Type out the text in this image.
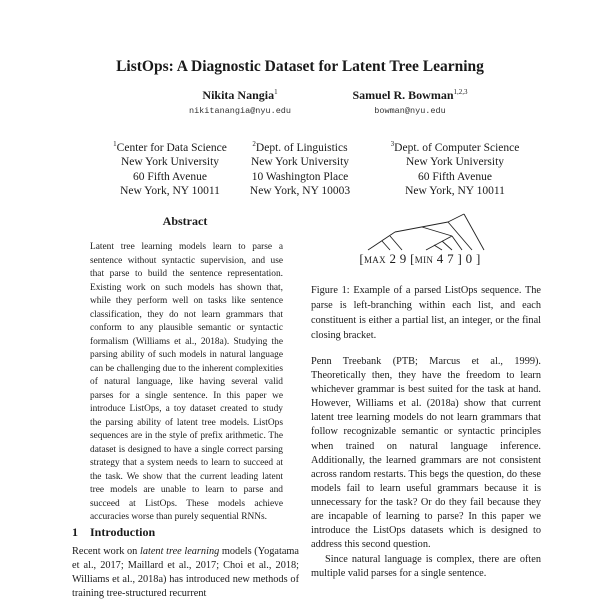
ListOps: A Diagnostic Dataset for Latent Tree Learning
Nikita Nangia$^1$
nikitanangia@nyu.edu
Samuel R. Bowman$^{1,2,3}$
bowman@nyu.edu
$^1$Center for Data Science
New York University
60 Fifth Avenue
New York, NY 10011
$^2$Dept. of Linguistics
New York University
10 Washington Place
New York, NY 10003
$^3$Dept. of Computer Science
New York University
60 Fifth Avenue
New York, NY 10011
Abstract
Latent tree learning models learn to parse a sentence without syntactic supervision, and use that parse to build the sentence representation. Existing work on such models has shown that, while they perform well on tasks like sentence classification, they do not learn grammars that conform to any plausible semantic or syntactic formalism (Williams et al., 2018a). Studying the parsing ability of such models in natural language can be challenging due to the inherent complexities of natural language, like having several valid parses for a single sentence. In this paper we introduce ListOps, a toy dataset created to study the parsing ability of latent tree models. ListOps sequences are in the style of prefix arithmetic. The dataset is designed to have a single correct parsing strategy that a system needs to learn to succeed at the task. We show that the current leading latent tree models are unable to learn to parse and succeed at ListOps. These models achieve accuracies worse than purely sequential RNNs.
1 Introduction
Recent work on latent tree learning models (Yogatama et al., 2017; Maillard et al., 2017; Choi et al., 2018; Williams et al., 2018a) has introduced new methods of training tree-structured recurrent
[max 2 9 [min 4 7 ] 0 ]
Figure 1: Example of a parsed ListOps sequence. The parse is left-branching within each list, and each constituent is either a partial list, an integer, or the final closing bracket.
Penn Treebank (PTB; Marcus et al., 1999). Theoretically then, they have the freedom to learn whichever grammar is best suited for the task at hand. However, Williams et al. (2018a) show that current latent tree learning models do not learn grammars that follow recognizable semantic or syntactic principles when trained on natural language inference. Additionally, the learned grammars are not consistent across random restarts. This begs the question, do these models fail to learn useful grammars because it is unnecessary for the task? Or do they fail because they are incapable of learning to parse? In this paper we introduce the ListOps datasets which is designed to address this second question.
Since natural language is complex, there are often multiple valid parses for a single sentence.
